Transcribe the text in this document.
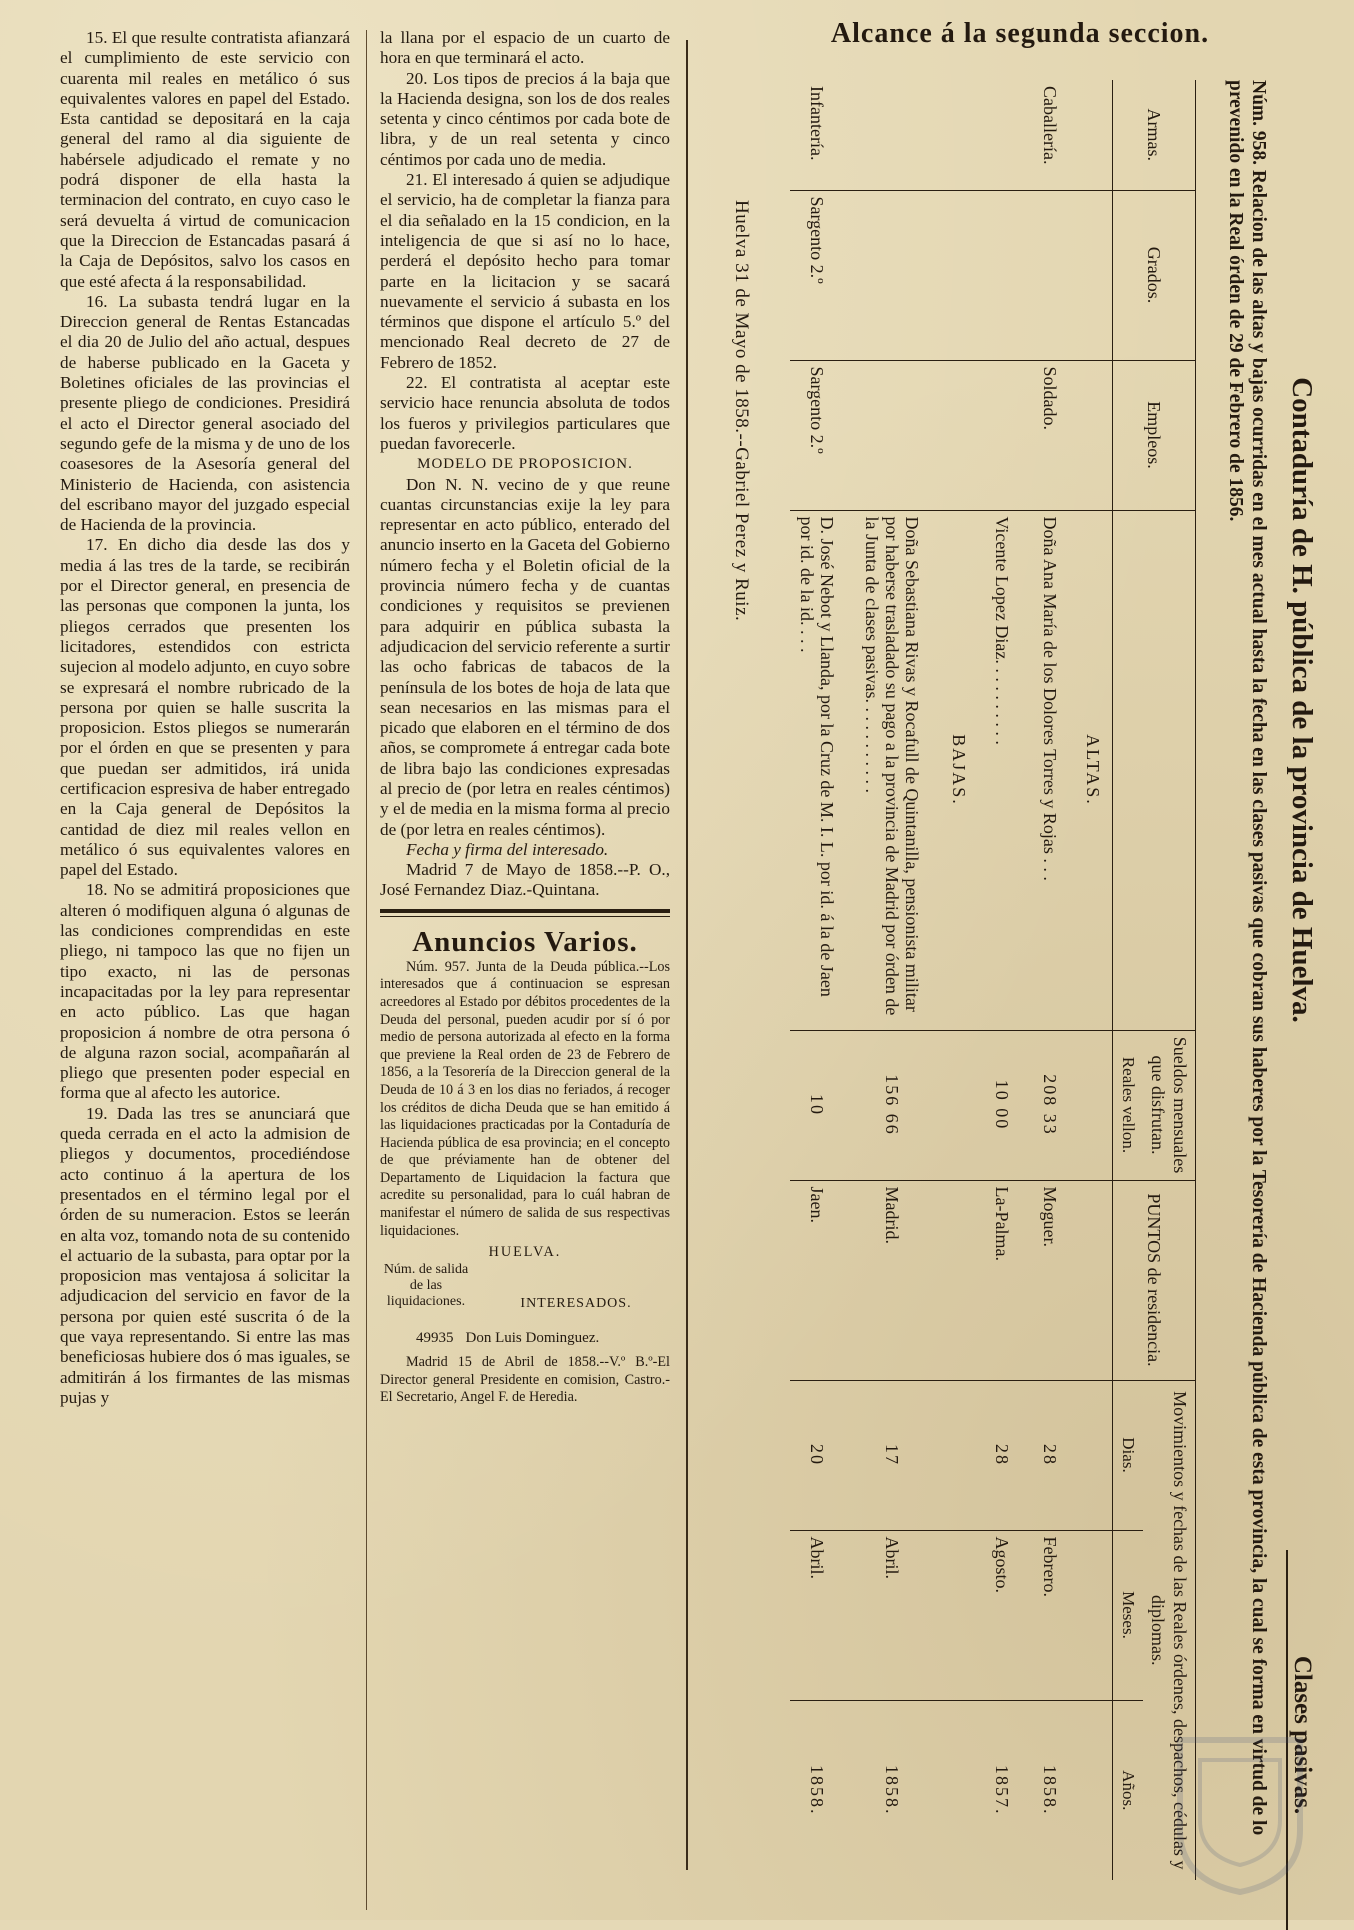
15. El que resulte contratista afianzará el cumplimiento de este servicio con cuarenta mil reales en metálico ó sus equivalentes valores en papel del Estado. Esta cantidad se depositará en la caja general del ramo al dia siguiente de habérsele adjudicado el remate y no podrá disponer de ella hasta la terminacion del contrato, en cuyo caso le será devuelta á virtud de comunicacion que la Direccion de Estancadas pasará á la Caja de Depósitos, salvo los casos en que esté afecta á la responsabilidad.

16. La subasta tendrá lugar en la Direccion general de Rentas Estancadas el dia 20 de Julio del año actual, despues de haberse publicado en la Gaceta y Boletines oficiales de las provincias el presente pliego de condiciones. Presidirá el acto el Director general asociado del segundo gefe de la misma y de uno de los coasesores de la Asesoría general del Ministerio de Hacienda, con asistencia del escribano mayor del juzgado especial de Hacienda de la provincia.

17. En dicho dia desde las dos y media á las tres de la tarde, se recibirán por el Director general, en presencia de las personas que componen la junta, los pliegos cerrados que presenten los licitadores, estendidos con estricta sujecion al modelo adjunto, en cuyo sobre se expresará el nombre rubricado de la persona por quien se halle suscrita la proposicion. Estos pliegos se numerarán por el órden en que se presenten y para que puedan ser admitidos, irá unida certificacion espresiva de haber entregado en la Caja general de Depósitos la cantidad de diez mil reales vellon en metálico ó sus equivalentes valores en papel del Estado.

18. No se admitirá proposiciones que alteren ó modifiquen alguna ó algunas de las condiciones comprendidas en este pliego, ni tampoco las que no fijen un tipo exacto, ni las de personas incapacitadas por la ley para representar en acto público. Las que hagan proposicion á nombre de otra persona ó de alguna razon social, acompañarán al pliego que presenten poder especial en forma que al afecto les autorice.

19. Dada las tres se anunciará que queda cerrada en el acto la admision de pliegos y documentos, procediéndose acto continuo á la apertura de los presentados en el término legal por el órden de su numeracion. Estos se leerán en alta voz, tomando nota de su contenido el actuario de la subasta, para optar por la proposicion mas ventajosa á solicitar la adjudicacion del servicio en favor de la persona por quien esté suscrita ó de la que vaya representando. Si entre las mas beneficiosas hubiere dos ó mas iguales, se admitirán á los firmantes de las mismas pujas y

la llana por el espacio de un cuarto de hora en que terminará el acto.

20. Los tipos de precios á la baja que la Hacienda designa, son los de dos reales setenta y cinco céntimos por cada bote de libra, y de un real setenta y cinco céntimos por cada uno de media.

21. El interesado á quien se adjudique el servicio, ha de completar la fianza para el dia señalado en la 15 condicion, en la inteligencia de que si así no lo hace, perderá el depósito hecho para tomar parte en la licitacion y se sacará nuevamente el servicio á subasta en los términos que dispone el artículo 5.º del mencionado Real decreto de 27 de Febrero de 1852.

22. El contratista al aceptar este servicio hace renuncia absoluta de todos los fueros y privilegios particulares que puedan favorecerle.

MODELO DE PROPOSICION.

Don N. N. vecino de y que reune cuantas circunstancias exije la ley para representar en acto público, enterado del anuncio inserto en la Gaceta del Gobierno número fecha y el Boletin oficial de la provincia número fecha y de cuantas condiciones y requisitos se previenen para adquirir en pública subasta la adjudicacion del servicio referente a surtir las ocho fabricas de tabacos de la península de los botes de hoja de lata que sean necesarios en las mismas para el picado que elaboren en el término de dos años, se compromete á entregar cada bote de libra bajo las condiciones expresadas al precio de (por letra en reales céntimos) y el de media en la misma forma al precio de (por letra en reales céntimos).

Fecha y firma del interesado.

Madrid 7 de Mayo de 1858.--P. O., José Fernandez Diaz.-Quintana.

Anuncios Varios.

Núm. 957. Junta de la Deuda pública.--Los interesados que á continuacion se espresan acreedores al Estado por débitos procedentes de la Deuda del personal, pueden acudir por sí ó por medio de persona autorizada al efecto en la forma que previene la Real orden de 23 de Febrero de 1856, a la Tesorería de la Direccion general de la Deuda de 10 á 3 en los dias no feriados, á recoger los créditos de dicha Deuda que se han emitido á las liquidaciones practicadas por la Contaduría de Hacienda pública de esa provincia; en el concepto de que préviamente han de obtener del Departamento de Liquidacion la factura que acredite su personalidad, para lo cuál habran de manifestar el número de salida de sus respectivas liquidaciones.

HUELVA.

Núm. de salida de las liquidaciones.	INTERESADOS.
49935 Don Luis Dominguez.

Madrid 15 de Abril de 1858.--V.º B.º-El Director general Presidente en comision, Castro.-El Secretario, Angel F. de Heredia.

Alcance á la segunda seccion.
Contaduría de H. pública de la provincia de Huelva.
Clases pasivas.
Núm. 958. Relacion de las altas y bajas ocurridas en el mes actual hasta la fecha en las clases pasivas que cobran sus haberes por la Tesorería de Hacienda pública de esta provincia, la cual se forma en virtud de lo prevenido en la Real órden de 29 de Febrero de 1856.
Armas.	Grados.	Empleos.		Sueldos mensuales que disfrutan.	PUNTOS de residencia.	Movimientos y fechas de las Reales órdenes, despachos, cédulas y diplomas.		
				Reales vellon.		Dias.	Meses.	Años.
			ALTAS.					
Caballería.		Soldado.	Doña Ana María de los Dolores Torres y Rojas . . .	208 33	Moguer.	28	Febrero.	1858.
			Vicente Lopez Diaz. . . . . . . . . .	10 00	La-Palma.	28	Agosto.	1857.
			BAJAS.					
			Doña Sebastiana Rivas y Rocafull de Quintanilla, pensionista militar por haberse trasladado su pago a la provincia de Madrid por órden de la Junta de clases pasivas. . . . . . . . . . .	156 66	Madrid.	17	Abril.	1858.
Infantería.	Sargento 2.º	Sargento 2.º	D. José Nebot y Llanda, por la Cruz de M. I. L. por id. á la de Jaen por id. de la id. . . .	10	Jaen.	20	Abril.	1858.
Huelva 31 de Mayo de 1858.--Gabriel Perez y Ruiz.
